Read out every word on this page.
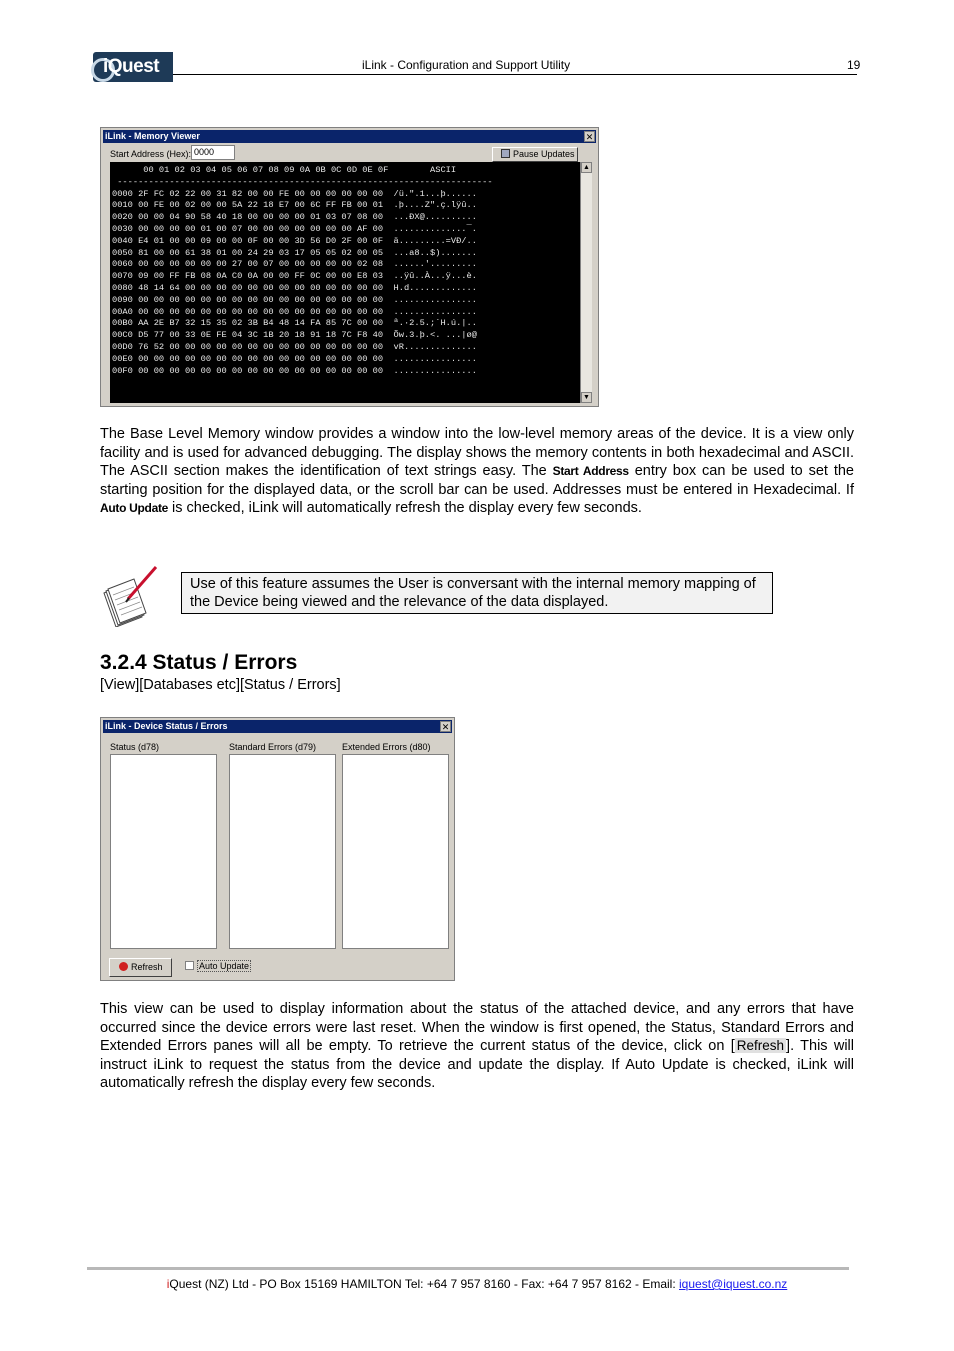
iQuest	iLink - Configuration and Support Utility	19
iLink - Memory Viewer	✕
Start Address (Hex): 0000	Pause Updates
00 01 02 03 04 05 06 07 08 09 0A 0B 0C 0D 0E 0F        ASCII
------------------------------------------------------------------------
0000 2F FC 02 22 00 31 82 00 00 FE 00 00 00 00 00 00  /ü.".1...þ......
0010 00 FE 00 02 00 00 5A 22 18 E7 00 6C FF FB 00 01  .þ....Z".ç.lÿû..
0020 00 00 04 90 58 40 18 00 00 00 00 01 03 07 08 00  ...ÐX@..........
0030 00 00 00 00 01 00 07 00 00 00 00 00 00 00 AF 00  ..............¯.
0040 E4 01 00 00 09 00 00 0F 00 00 3D 56 D0 2F 00 0F  ä.........=VÐ/..
0050 81 00 00 61 38 01 00 24 29 03 17 05 05 02 00 05  ...a8..$).......
0060 00 00 00 00 00 00 27 00 07 00 00 00 00 00 02 08  ......'.........
0070 09 00 FF FB 08 0A C0 0A 00 00 FF 0C 00 00 E8 03  ..ÿû..À...ÿ...è.
0080 48 14 64 00 00 00 00 00 00 00 00 00 00 00 00 00  H.d.............
0090 00 00 00 00 00 00 00 00 00 00 00 00 00 00 00 00  ................
00A0 00 00 00 00 00 00 00 00 00 00 00 00 00 00 00 00  ................
00B0 AA 2E B7 32 15 35 02 3B B4 48 14 FA 85 7C 00 00  ª.·2.5.;´H.ú.|..
00C0 D5 77 00 33 0E FE 04 3C 1B 20 18 91 18 7C F8 40  Õw.3.þ.<. ...|ø@
00D0 76 52 00 00 00 00 00 00 00 00 00 00 00 00 00 00  vR..............
00E0 00 00 00 00 00 00 00 00 00 00 00 00 00 00 00 00  ................
00F0 00 00 00 00 00 00 00 00 00 00 00 00 00 00 00 00  ................
▲
▼

The Base Level Memory window provides a window into the low-level memory areas of the device. It is a view only facility and is used for advanced debugging. The display shows the memory contents in both hexadecimal and ASCII. The ASCII section makes the identification of text strings easy. The Start Address entry box can be used to set the starting position for the displayed data, or the scroll bar can be used. Addresses must be entered in Hexadecimal. If Auto Update is checked, iLink will automatically refresh the display every few seconds.

Use of this feature assumes the User is conversant with the internal memory mapping of the Device being viewed and the relevance of the data displayed.
3.2.4 Status / Errors
[View][Databases etc][Status / Errors]
iLink - Device Status / Errors	✕
Status (d78)	Standard Errors (d79)	Extended Errors (d80)
Refresh	Auto Update

This view can be used to display information about the status of the attached device, and any errors that have occurred since the device errors were last reset. When the window is first opened, the Status, Standard Errors and Extended Errors panes will all be empty. To retrieve the current status of the device, click on [ Refresh ]. This will instruct iLink to request the status from the device and update the display. If Auto Update is checked, iLink will automatically refresh the display every few seconds.

iQuest (NZ) Ltd - PO Box 15169 HAMILTON Tel: +64 7 957 8160 - Fax: +64 7 957 8162 - Email: iquest@iquest.co.nz
